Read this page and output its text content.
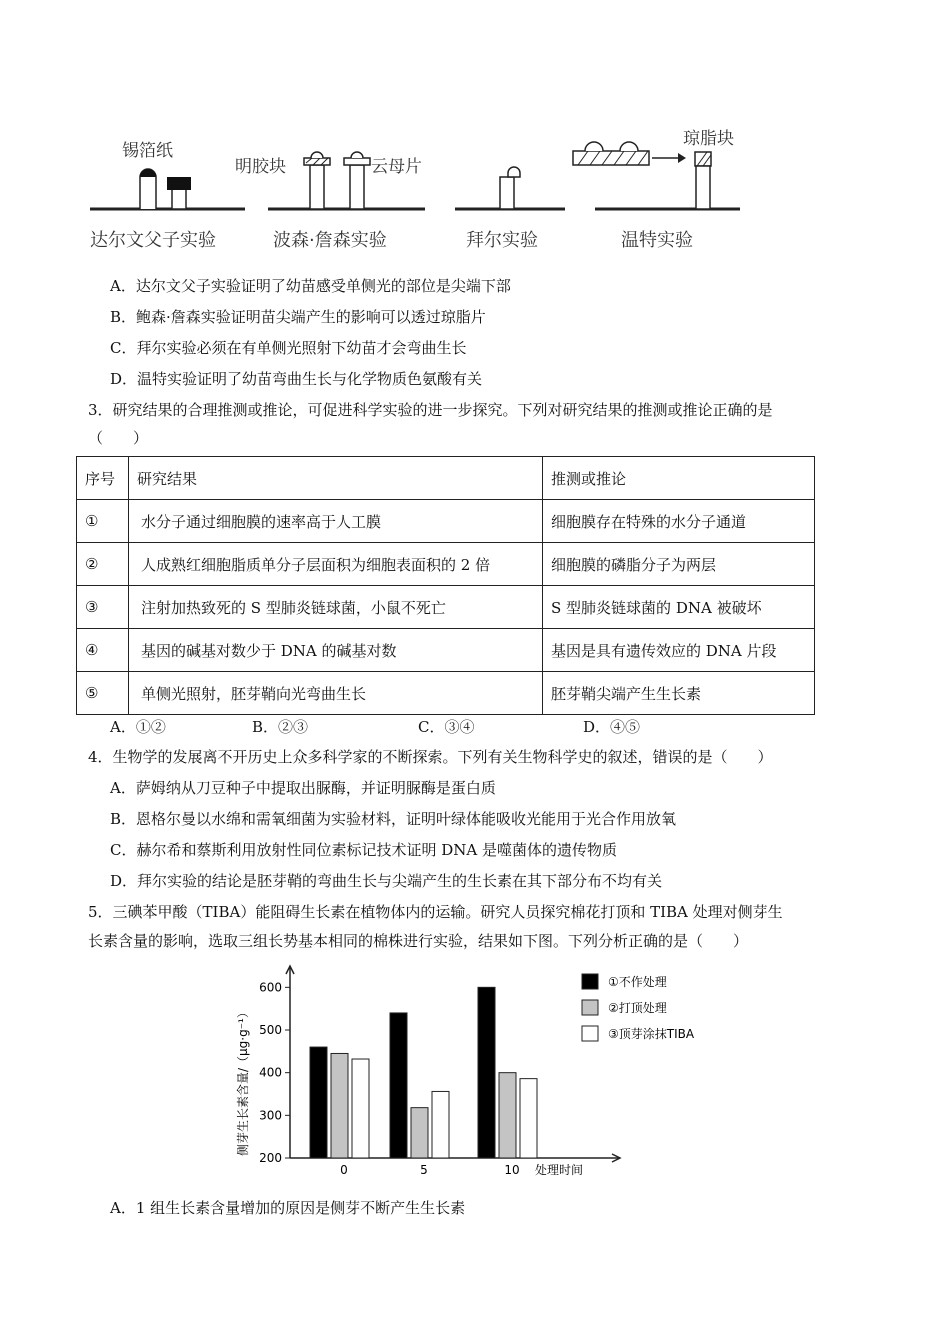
锡箔纸
明胶块	云母片
琼脂块
达尔文父子实验	波森·詹森实验	拜尔实验	温特实验
A．达尔文父子实验证明了幼苗感受单侧光的部位是尖端下部
B．鲍森·詹森实验证明苗尖端产生的影响可以透过琼脂片
C．拜尔实验必须在有单侧光照射下幼苗才会弯曲生长
D．温特实验证明了幼苗弯曲生长与化学物质色氨酸有关
3．研究结果的合理推测或推论，可促进科学实验的进一步探究。下列对研究结果的推测或推论正确的是
（　　）
序号	研究结果	推测或推论
①	水分子通过细胞膜的速率高于人工膜	细胞膜存在特殊的水分子通道
②	人成熟红细胞脂质单分子层面积为细胞表面积的 2 倍	细胞膜的磷脂分子为两层
③	注射加热致死的 S 型肺炎链球菌，小鼠不死亡	S 型肺炎链球菌的 DNA 被破坏
④	基因的碱基对数少于 DNA 的碱基对数	基因是具有遗传效应的 DNA 片段
⑤	单侧光照射，胚芽鞘向光弯曲生长	胚芽鞘尖端产生生长素
A．①②	B．②③	C．③④	D．④⑤
4．生物学的发展离不开历史上众多科学家的不断探索。下列有关生物科学史的叙述，错误的是（　　）
A．萨姆纳从刀豆种子中提取出脲酶，并证明脲酶是蛋白质
B．恩格尔曼以水绵和需氧细菌为实验材料，证明叶绿体能吸收光能用于光合作用放氧
C．赫尔希和蔡斯利用放射性同位素标记技术证明 DNA 是噬菌体的遗传物质
D．拜尔实验的结论是胚芽鞘的弯曲生长与尖端产生的生长素在其下部分布不均有关
5．三碘苯甲酸（TIBA）能阻碍生长素在植物体内的运输。研究人员探究棉花打顶和 TIBA 处理对侧芽生
长素含量的影响，选取三组长势基本相同的棉株进行实验，结果如下图。下列分析正确的是（　　）
200
300
400
500
600
侧芽生长素含量/（μg·g⁻¹）
0	5	10 处理时间
①不作处理
②打顶处理
③顶芽涂抹TIBA
A．1 组生长素含量增加的原因是侧芽不断产生生长素
